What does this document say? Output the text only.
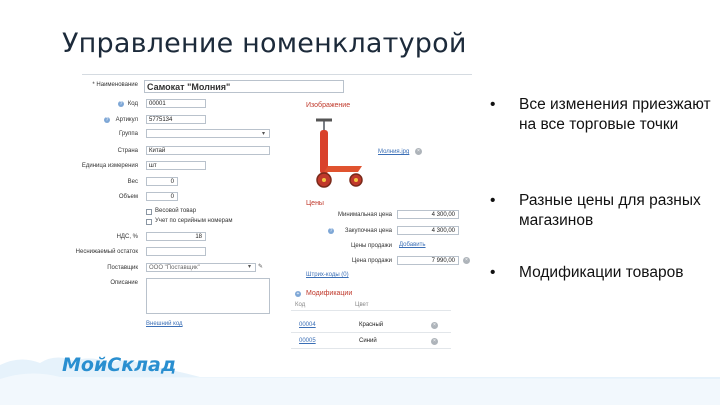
Управление номенклатурой
* Наименование	Самокат "Молния"
? Код	00001
?	Артикул	5775134
Группа	▾
Страна	Китай
Единица измерения	шт
Вес	0
Объем	0
Весовой товар
Учет по серийным номерам
НДС, %	18
Неснижаемый остаток
Поставщик	ООО "Поставщик"	▾ ✎
Описание
Внешний код
Изображение
Молния.jpg	×
Цены
Минимальная цена	4 300,00
?	Закупочная цена	4 300,00
Цены продажи Добавить
Цена продажи	7 990,00	×
Штрих-коды (0)
+ Модификации
Код	Цвет
00004	Красный	×
00005	Синий	×
• Все изменения приезжают на все торговые точки
• Разные цены для разных магазинов
• Модификации товаров
МойСклад
